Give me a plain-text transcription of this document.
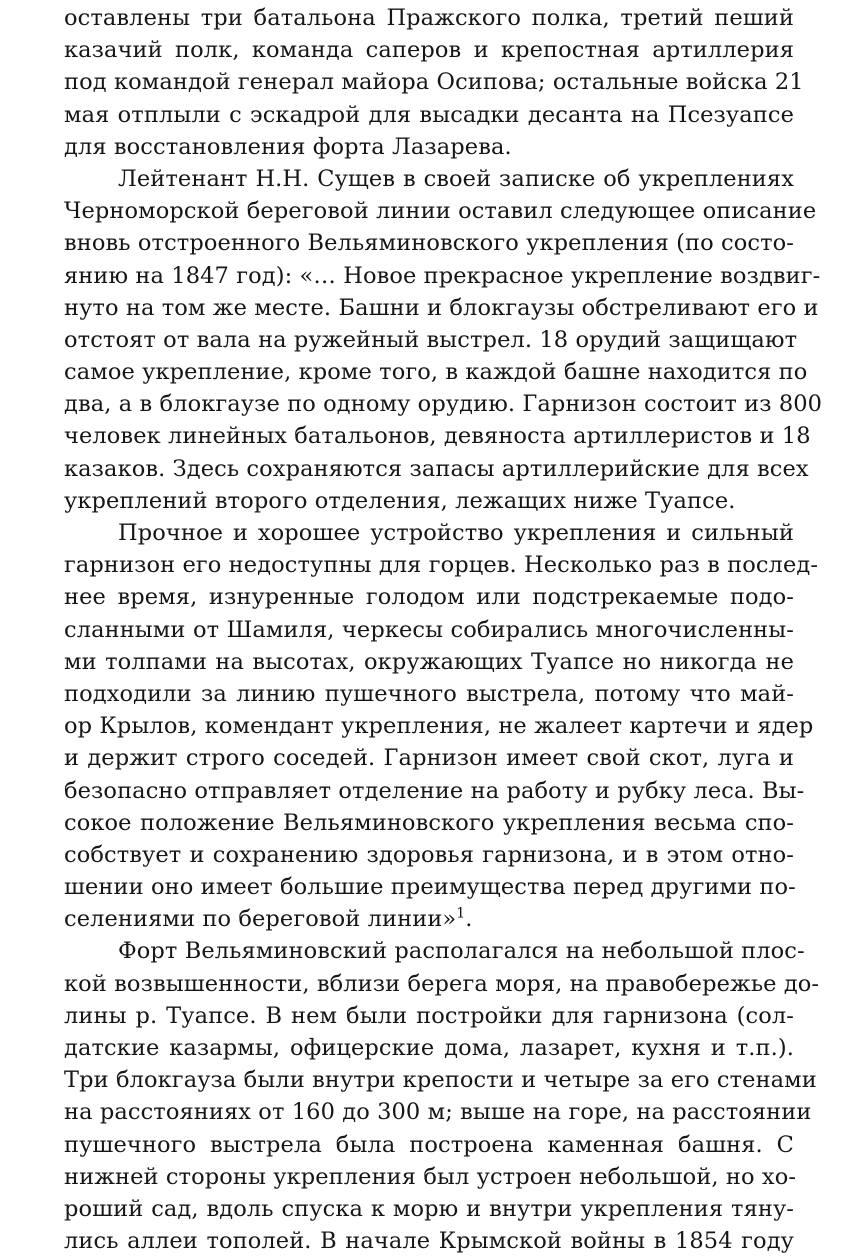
оставлены три батальона Пражского полка, третий пеший
казачий полк, команда саперов и крепостная артиллерия
под командой генерал майора Осипова; остальные войска 21
мая отплыли с эскадрой для высадки десанта на Псезуапсе
для восстановления форта Лазарева.
Лейтенант Н.Н. Сущев в своей записке об укреплениях
Черноморской береговой линии оставил следующее описание
вновь отстроенного Вельяминовского укрепления (по состо-
янию на 1847 год): «… Новое прекрасное укрепление воздвиг-
нуто на том же месте. Башни и блокгаузы обстреливают его и
отстоят от вала на ружейный выстрел. 18 орудий защищают
самое укрепление, кроме того, в каждой башне находится по
два, а в блокгаузе по одному орудию. Гарнизон состоит из 800
человек линейных батальонов, девяноста артиллеристов и 18
казаков. Здесь сохраняются запасы артиллерийские для всех
укреплений второго отделения, лежащих ниже Туапсе.
Прочное и хорошее устройство укрепления и сильный
гарнизон его недоступны для горцев. Несколько раз в послед-
нее время, изнуренные голодом или подстрекаемые подо-
сланными от Шамиля, черкесы собирались многочисленны-
ми толпами на высотах, окружающих Туапсе но никогда не
подходили за линию пушечного выстрела, потому что май-
ор Крылов, комендант укрепления, не жалеет картечи и ядер
и держит строго соседей. Гарнизон имеет свой скот, луга и
безопасно отправляет отделение на работу и рубку леса. Вы-
сокое положение Вельяминовского укрепления весьма спо-
собствует и сохранению здоровья гарнизона, и в этом отно-
шении оно имеет большие преимущества перед другими по-
селениями по береговой линии»$^1$.
Форт Вельяминовский располагался на небольшой плос-
кой возвышенности, вблизи берега моря, на правобережье до-
лины р. Туапсе. В нем были постройки для гарнизона (сол-
датские казармы, офицерские дома, лазарет, кухня и т.п.).
Три блокгауза были внутри крепости и четыре за его стенами
на расстояниях от 160 до 300 м; выше на горе, на расстоянии
пушечного выстрела была построена каменная башня. С
нижней стороны укрепления был устроен небольшой, но хо-
роший сад, вдоль спуска к морю и внутри укрепления тяну-
лись аллеи тополей. В начале Крымской войны в 1854 году
